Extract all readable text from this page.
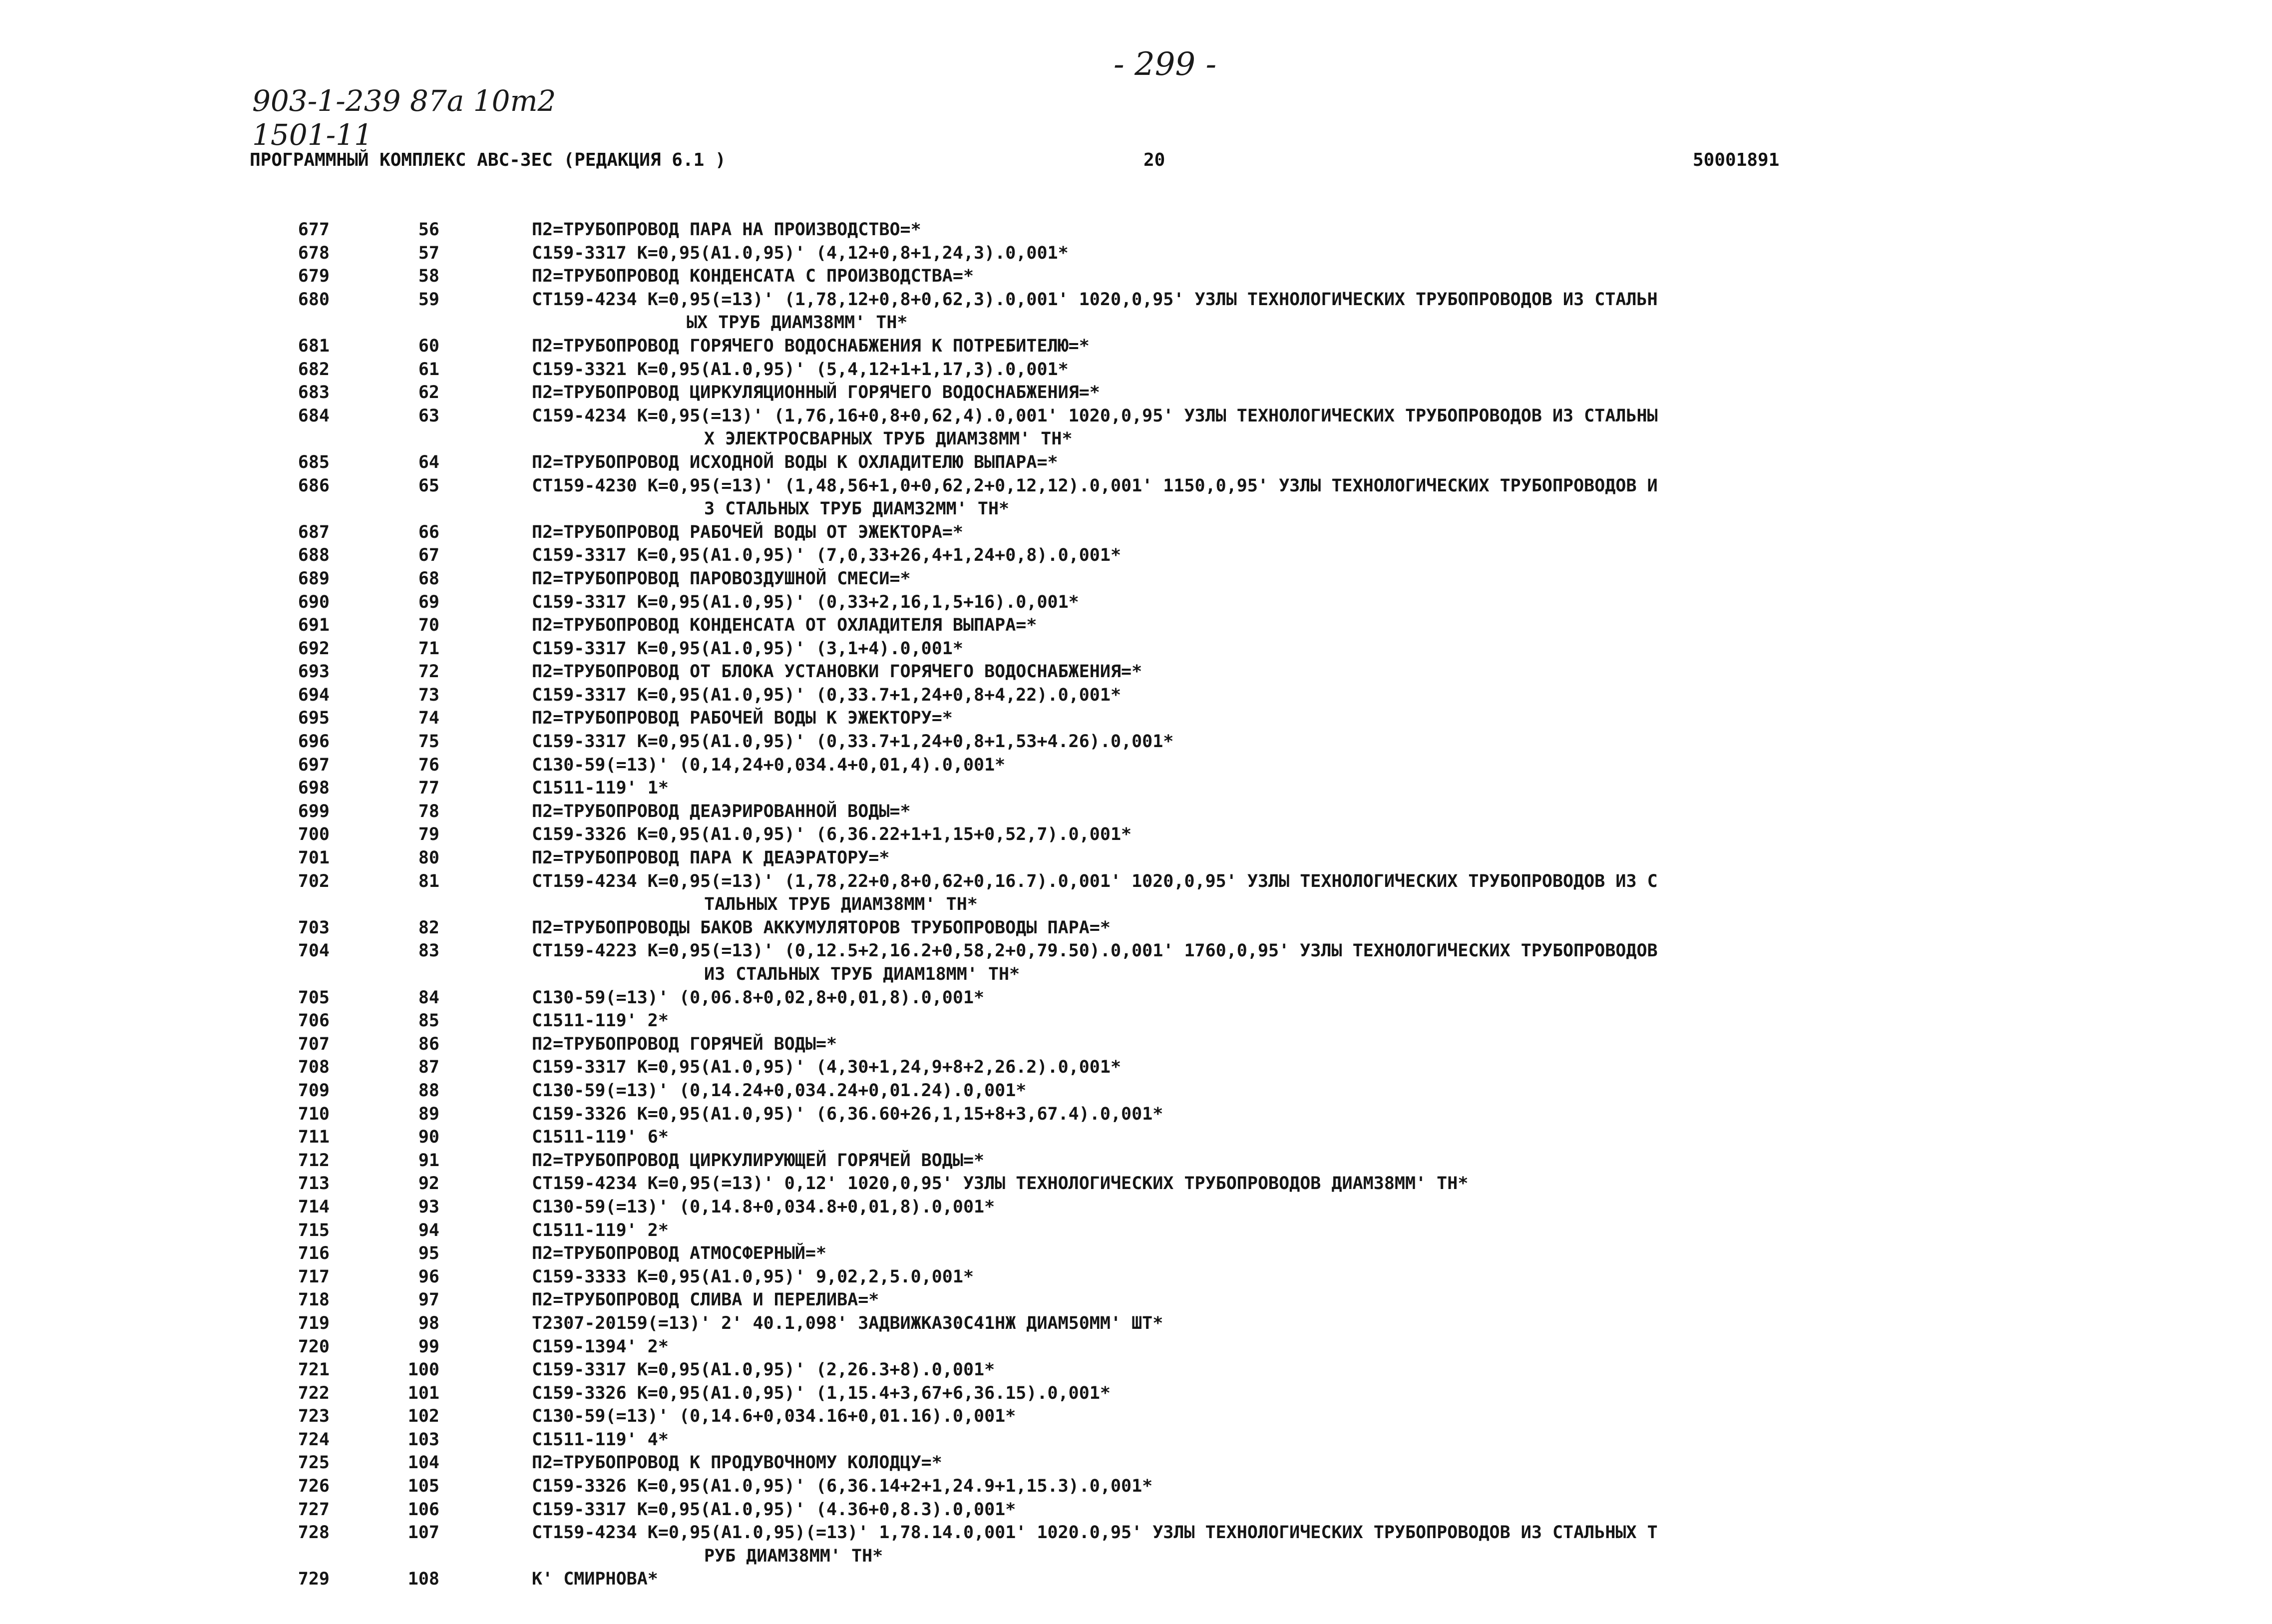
- 299 -
903-1-239 87a 10т2
1501-11
ПРОГРАММНЫЙ КОМПЛЕКС АВС-3ЕС (РЕДАКЦИЯ 6.1 )	20	50001891
677	56	П2=ТРУБОПРОВОД ПАРА НА ПРОИЗВОДСТВО=*
678	57	С159-3317 К=0,95(А1.0,95)' (4,12+0,8+1,24,3).0,001*
679	58	П2=ТРУБОПРОВОД КОНДЕНСАТА С ПРОИЗВОДСТВА=*
680	59	СТ159-4234 К=0,95(=13)' (1,78,12+0,8+0,62,3).0,001' 1020,0,95' УЗЛЫ ТЕХНОЛОГИЧЕСКИХ ТРУБОПРОВОДОВ ИЗ СТАЛЬН
ЫХ ТРУБ ДИАМ38ММ' ТН*
681	60	П2=ТРУБОПРОВОД ГОРЯЧЕГО ВОДОСНАБЖЕНИЯ К ПОТРЕБИТЕЛЮ=*
682	61	С159-3321 К=0,95(А1.0,95)' (5,4,12+1+1,17,3).0,001*
683	62	П2=ТРУБОПРОВОД ЦИРКУЛЯЦИОННЫЙ ГОРЯЧЕГО ВОДОСНАБЖЕНИЯ=*
684	63	С159-4234 К=0,95(=13)' (1,76,16+0,8+0,62,4).0,001' 1020,0,95' УЗЛЫ ТЕХНОЛОГИЧЕСКИХ ТРУБОПРОВОДОВ ИЗ СТАЛЬНЫ
Х ЭЛЕКТРОСВАРНЫХ ТРУБ ДИАМ38ММ' ТН*
685	64	П2=ТРУБОПРОВОД ИСХОДНОЙ ВОДЫ К ОХЛАДИТЕЛЮ ВЫПАРА=*
686	65	СТ159-4230 К=0,95(=13)' (1,48,56+1,0+0,62,2+0,12,12).0,001' 1150,0,95' УЗЛЫ ТЕХНОЛОГИЧЕСКИХ ТРУБОПРОВОДОВ И
З СТАЛЬНЫХ ТРУБ ДИАМ32ММ' ТН*
687	66	П2=ТРУБОПРОВОД РАБОЧЕЙ ВОДЫ ОТ ЭЖЕКТОРА=*
688	67	С159-3317 К=0,95(А1.0,95)' (7,0,33+26,4+1,24+0,8).0,001*
689	68	П2=ТРУБОПРОВОД ПАРОВОЗДУШНОЙ СМЕСИ=*
690	69	С159-3317 К=0,95(А1.0,95)' (0,33+2,16,1,5+16).0,001*
691	70	П2=ТРУБОПРОВОД КОНДЕНСАТА ОТ ОХЛАДИТЕЛЯ ВЫПАРА=*
692	71	С159-3317 К=0,95(А1.0,95)' (3,1+4).0,001*
693	72	П2=ТРУБОПРОВОД ОТ БЛОКА УСТАНОВКИ ГОРЯЧЕГО ВОДОСНАБЖЕНИЯ=*
694	73	С159-3317 К=0,95(А1.0,95)' (0,33.7+1,24+0,8+4,22).0,001*
695	74	П2=ТРУБОПРОВОД РАБОЧЕЙ ВОДЫ К ЭЖЕКТОРУ=*
696	75	С159-3317 К=0,95(А1.0,95)' (0,33.7+1,24+0,8+1,53+4.26).0,001*
697	76	С130-59(=13)' (0,14,24+0,034.4+0,01,4).0,001*
698	77	С1511-119' 1*
699	78	П2=ТРУБОПРОВОД ДЕАЭРИРОВАННОЙ ВОДЫ=*
700	79	С159-3326 К=0,95(А1.0,95)' (6,36.22+1+1,15+0,52,7).0,001*
701	80	П2=ТРУБОПРОВОД ПАРА К ДЕАЭРАТОРУ=*
702	81	СТ159-4234 К=0,95(=13)' (1,78,22+0,8+0,62+0,16.7).0,001' 1020,0,95' УЗЛЫ ТЕХНОЛОГИЧЕСКИХ ТРУБОПРОВОДОВ ИЗ С
ТАЛЬНЫХ ТРУБ ДИАМ38ММ' ТН*
703	82	П2=ТРУБОПРОВОДЫ БАКОВ АККУМУЛЯТОРОВ ТРУБОПРОВОДЫ ПАРА=*
704	83	СТ159-4223 К=0,95(=13)' (0,12.5+2,16.2+0,58,2+0,79.50).0,001' 1760,0,95' УЗЛЫ ТЕХНОЛОГИЧЕСКИХ ТРУБОПРОВОДОВ
ИЗ СТАЛЬНЫХ ТРУБ ДИАМ18ММ' ТН*
705	84	С130-59(=13)' (0,06.8+0,02,8+0,01,8).0,001*
706	85	С1511-119' 2*
707	86	П2=ТРУБОПРОВОД ГОРЯЧЕЙ ВОДЫ=*
708	87	С159-3317 К=0,95(А1.0,95)' (4,30+1,24,9+8+2,26.2).0,001*
709	88	С130-59(=13)' (0,14.24+0,034.24+0,01.24).0,001*
710	89	С159-3326 К=0,95(А1.0,95)' (6,36.60+26,1,15+8+3,67.4).0,001*
711	90	С1511-119' 6*
712	91	П2=ТРУБОПРОВОД ЦИРКУЛИРУЮЩЕЙ ГОРЯЧЕЙ ВОДЫ=*
713	92	СТ159-4234 К=0,95(=13)' 0,12' 1020,0,95' УЗЛЫ ТЕХНОЛОГИЧЕСКИХ ТРУБОПРОВОДОВ ДИАМ38ММ' ТН*
714	93	С130-59(=13)' (0,14.8+0,034.8+0,01,8).0,001*
715	94	С1511-119' 2*
716	95	П2=ТРУБОПРОВОД АТМОСФЕРНЫЙ=*
717	96	С159-3333 К=0,95(А1.0,95)' 9,02,2,5.0,001*
718	97	П2=ТРУБОПРОВОД СЛИВА И ПЕРЕЛИВА=*
719	98	Т2307-20159(=13)' 2' 40.1,098' ЗАДВИЖКА30С41НЖ ДИАМ50ММ' ШТ*
720	99	С159-1394' 2*
721	100	С159-3317 К=0,95(А1.0,95)' (2,26.3+8).0,001*
722	101	С159-3326 К=0,95(А1.0,95)' (1,15.4+3,67+6,36.15).0,001*
723	102	С130-59(=13)' (0,14.6+0,034.16+0,01.16).0,001*
724	103	С1511-119' 4*
725	104	П2=ТРУБОПРОВОД К ПРОДУВОЧНОМУ КОЛОДЦУ=*
726	105	С159-3326 К=0,95(А1.0,95)' (6,36.14+2+1,24.9+1,15.3).0,001*
727	106	С159-3317 К=0,95(А1.0,95)' (4.36+0,8.3).0,001*
728	107	СТ159-4234 К=0,95(А1.0,95)(=13)' 1,78.14.0,001' 1020.0,95' УЗЛЫ ТЕХНОЛОГИЧЕСКИХ ТРУБОПРОВОДОВ ИЗ СТАЛЬНЫХ Т
РУБ ДИАМ38ММ' ТН*
729	108	К' СМИРНОВА*
